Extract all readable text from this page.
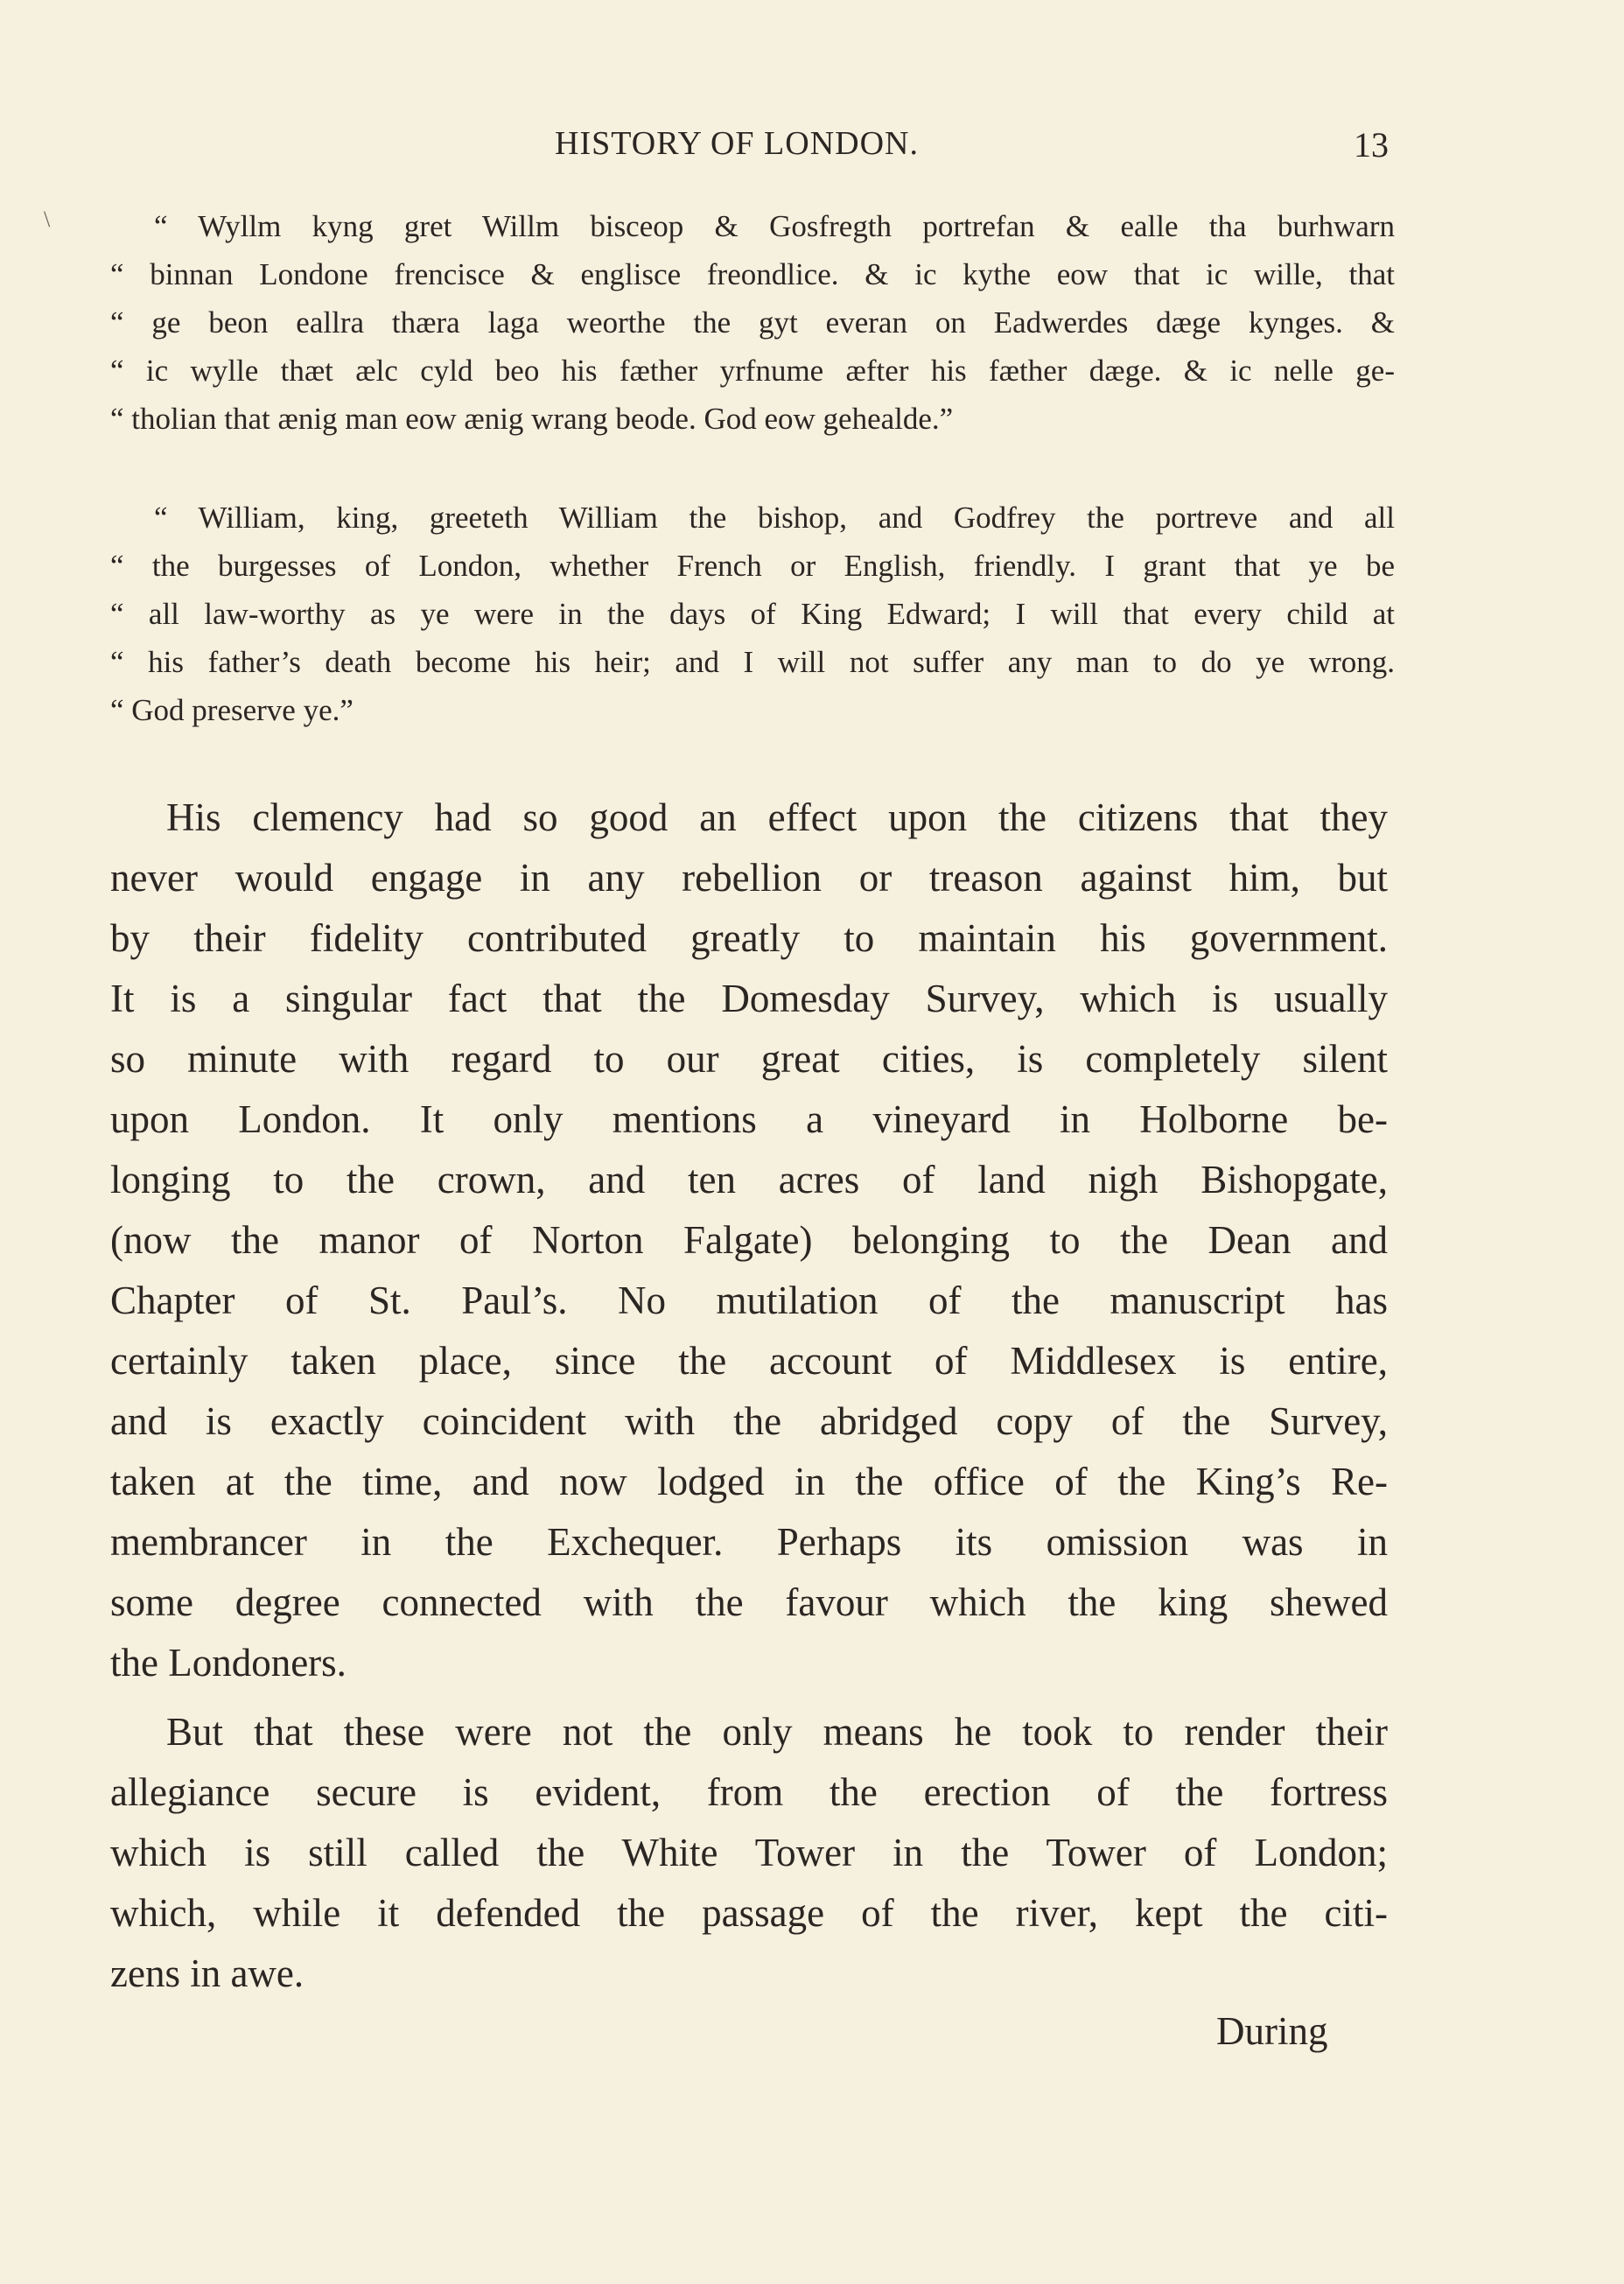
\
HISTORY OF LONDON.	13
“ Wyllm kyng gret Willm bisceop & Gosfregth portrefan & ealle tha burhwarn
“ binnan Londone frencisce & englisce freondlice. & ic kythe eow that ic wille, that
“ ge beon eallra thæra laga weorthe the gyt everan on Eadwerdes dæge kynges. &
“ ic wylle thæt ælc cyld beo his fæther yrfnume æfter his fæther dæge. & ic nelle ge-
“ tholian that ænig man eow ænig wrang beode. God eow gehealde.”
“ William, king, greeteth William the bishop, and Godfrey the portreve and all
“ the burgesses of London, whether French or English, friendly. I grant that ye be
“ all law-worthy as ye were in the days of King Edward; I will that every child at
“ his father’s death become his heir; and I will not suffer any man to do ye wrong.
“ God preserve ye.”
His clemency had so good an effect upon the citizens that they
never would engage in any rebellion or treason against him, but
by their fidelity contributed greatly to maintain his government.
It is a singular fact that the Domesday Survey, which is usually
so minute with regard to our great cities, is completely silent
upon London. It only mentions a vineyard in Holborne be-
longing to the crown, and ten acres of land nigh Bishopgate,
(now the manor of Norton Falgate) belonging to the Dean and
Chapter of St. Paul’s. No mutilation of the manuscript has
certainly taken place, since the account of Middlesex is entire,
and is exactly coincident with the abridged copy of the Survey,
taken at the time, and now lodged in the office of the King’s Re-
membrancer in the Exchequer. Perhaps its omission was in
some degree connected with the favour which the king shewed
the Londoners.
But that these were not the only means he took to render their
allegiance secure is evident, from the erection of the fortress
which is still called the White Tower in the Tower of London;
which, while it defended the passage of the river, kept the citi-
zens in awe.
During
